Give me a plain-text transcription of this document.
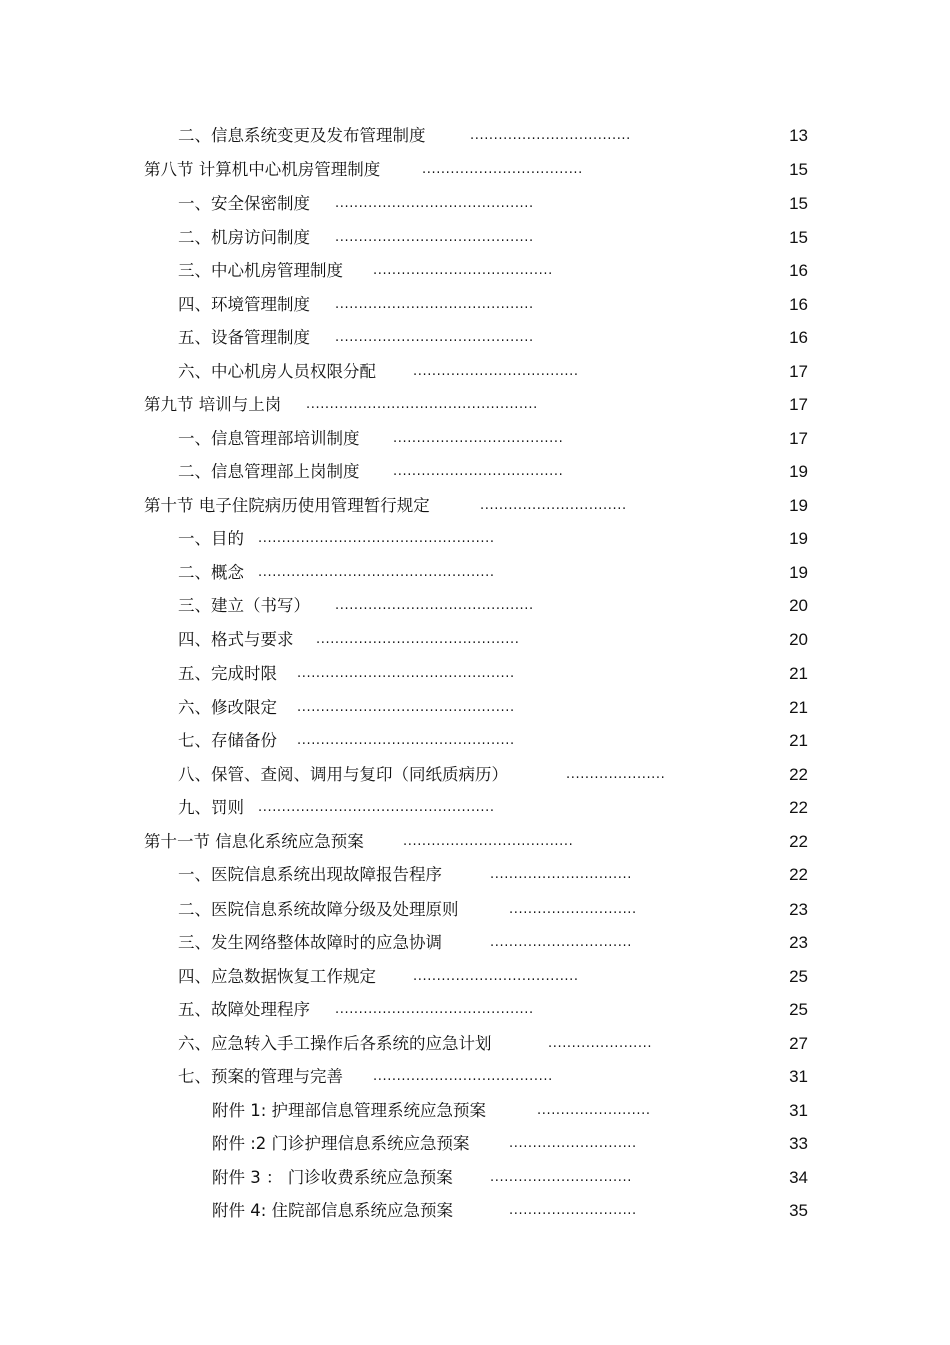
二、信息系统变更及发布管理制度	..................................	13
第八节 计算机中心机房管理制度	..................................	15
一、安全保密制度 ..........................................	15
二、机房访问制度 ..........................................	15
三、中心机房管理制度 ......................................	16
四、环境管理制度 ..........................................	16
五、设备管理制度 ..........................................	16
六、中心机房人员权限分配	...................................	17
第九节 培训与上岗 .................................................	17
一、信息管理部培训制度	....................................	17
二、信息管理部上岗制度	....................................	19
第十节 电子住院病历使用管理暂行规定	...............................	19
一、目的 ..................................................	19
二、概念 ..................................................	19
三、建立（书写） ..........................................	20
四、格式与要求 ...........................................	20
五、完成时限 ..............................................	21
六、修改限定 ..............................................	21
七、存储备份 ..............................................	21
八、保管、查阅、调用与复印（同纸质病历）	.....................	22
九、罚则 ..................................................	22
第十一节 信息化系统应急预案	....................................	22
一、医院信息系统出现故障报告程序	..............................	22
二、医院信息系统故障分级及处理原则	...........................	23
三、发生网络整体故障时的应急协调	..............................	23
四、应急数据恢复工作规定	...................................	25
五、故障处理程序 ..........................................	25
六、应急转入手工操作后各系统的应急计划	......................	27
七、预案的管理与完善 ......................................	31
附件 1: 护理部信息管理系统应急预案	........................	31
附件 :2 门诊护理信息系统应急预案	...........................	33
附件 3 ： 门诊收费系统应急预案	..............................	34
附件 4: 住院部信息系统应急预案	...........................	35
